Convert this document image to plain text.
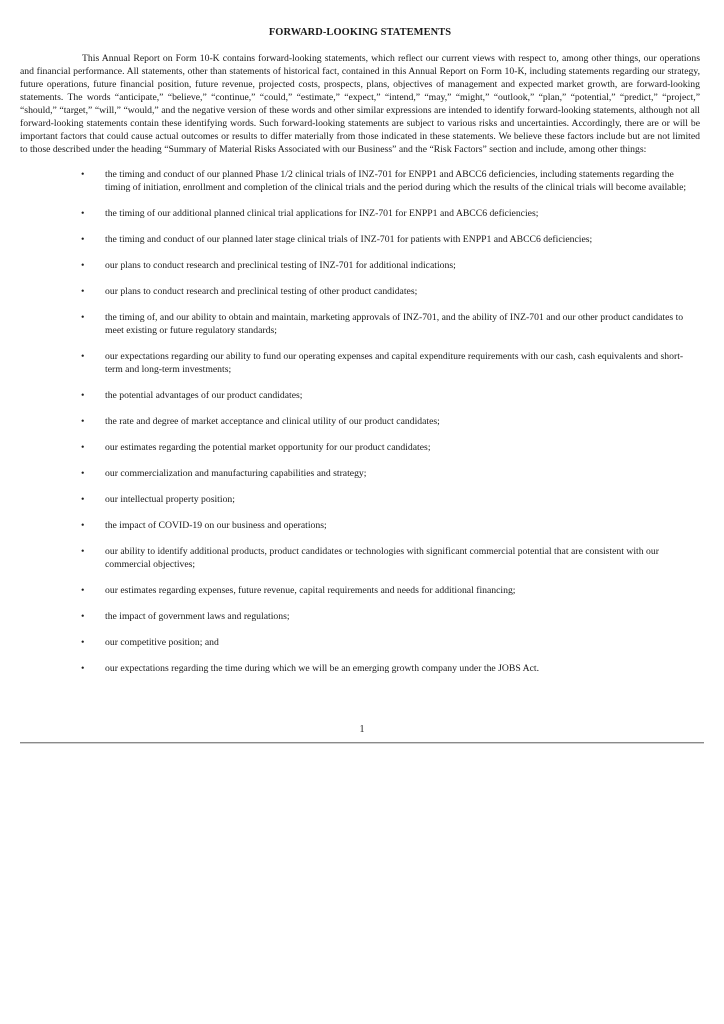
FORWARD-LOOKING STATEMENTS

This Annual Report on Form 10-K contains forward-looking statements, which reflect our current views with respect to, among other things, our operations and financial performance. All statements, other than statements of historical fact, contained in this Annual Report on Form 10-K, including statements regarding our strategy, future operations, future financial position, future revenue, projected costs, prospects, plans, objectives of management and expected market growth, are forward-looking statements. The words “anticipate,” “believe,” “continue,” “could,” “estimate,” “expect,” “intend,” “may,” “might,” “outlook,” “plan,” “potential,” “predict,” “project,” “should,” “target,” “will,” “would,” and the negative version of these words and other similar expressions are intended to identify forward-looking statements, although not all forward-looking statements contain these identifying words. Such forward-looking statements are subject to various risks and uncertainties. Accordingly, there are or will be important factors that could cause actual outcomes or results to differ materially from those indicated in these statements. We believe these factors include but are not limited to those described under the heading “Summary of Material Risks Associated with our Business” and the “Risk Factors” section and include, among other things:

• the timing and conduct of our planned Phase 1/2 clinical trials of INZ-701 for ENPP1 and ABCC6 deficiencies, including statements regarding the timing of initiation, enrollment and completion of the clinical trials and the period during which the results of the clinical trials will become available;
• the timing of our additional planned clinical trial applications for INZ-701 for ENPP1 and ABCC6 deficiencies;
• the timing and conduct of our planned later stage clinical trials of INZ-701 for patients with ENPP1 and ABCC6 deficiencies;
• our plans to conduct research and preclinical testing of INZ-701 for additional indications;
• our plans to conduct research and preclinical testing of other product candidates;
• the timing of, and our ability to obtain and maintain, marketing approvals of INZ-701, and the ability of INZ-701 and our other product candidates to meet existing or future regulatory standards;
• our expectations regarding our ability to fund our operating expenses and capital expenditure requirements with our cash, cash equivalents and short-term and long-term investments;
• the potential advantages of our product candidates;
• the rate and degree of market acceptance and clinical utility of our product candidates;
• our estimates regarding the potential market opportunity for our product candidates;
• our commercialization and manufacturing capabilities and strategy;
• our intellectual property position;
• the impact of COVID-19 on our business and operations;
• our ability to identify additional products, product candidates or technologies with significant commercial potential that are consistent with our commercial objectives;
• our estimates regarding expenses, future revenue, capital requirements and needs for additional financing;
• the impact of government laws and regulations;
• our competitive position; and
• our expectations regarding the time during which we will be an emerging growth company under the JOBS Act.
1
